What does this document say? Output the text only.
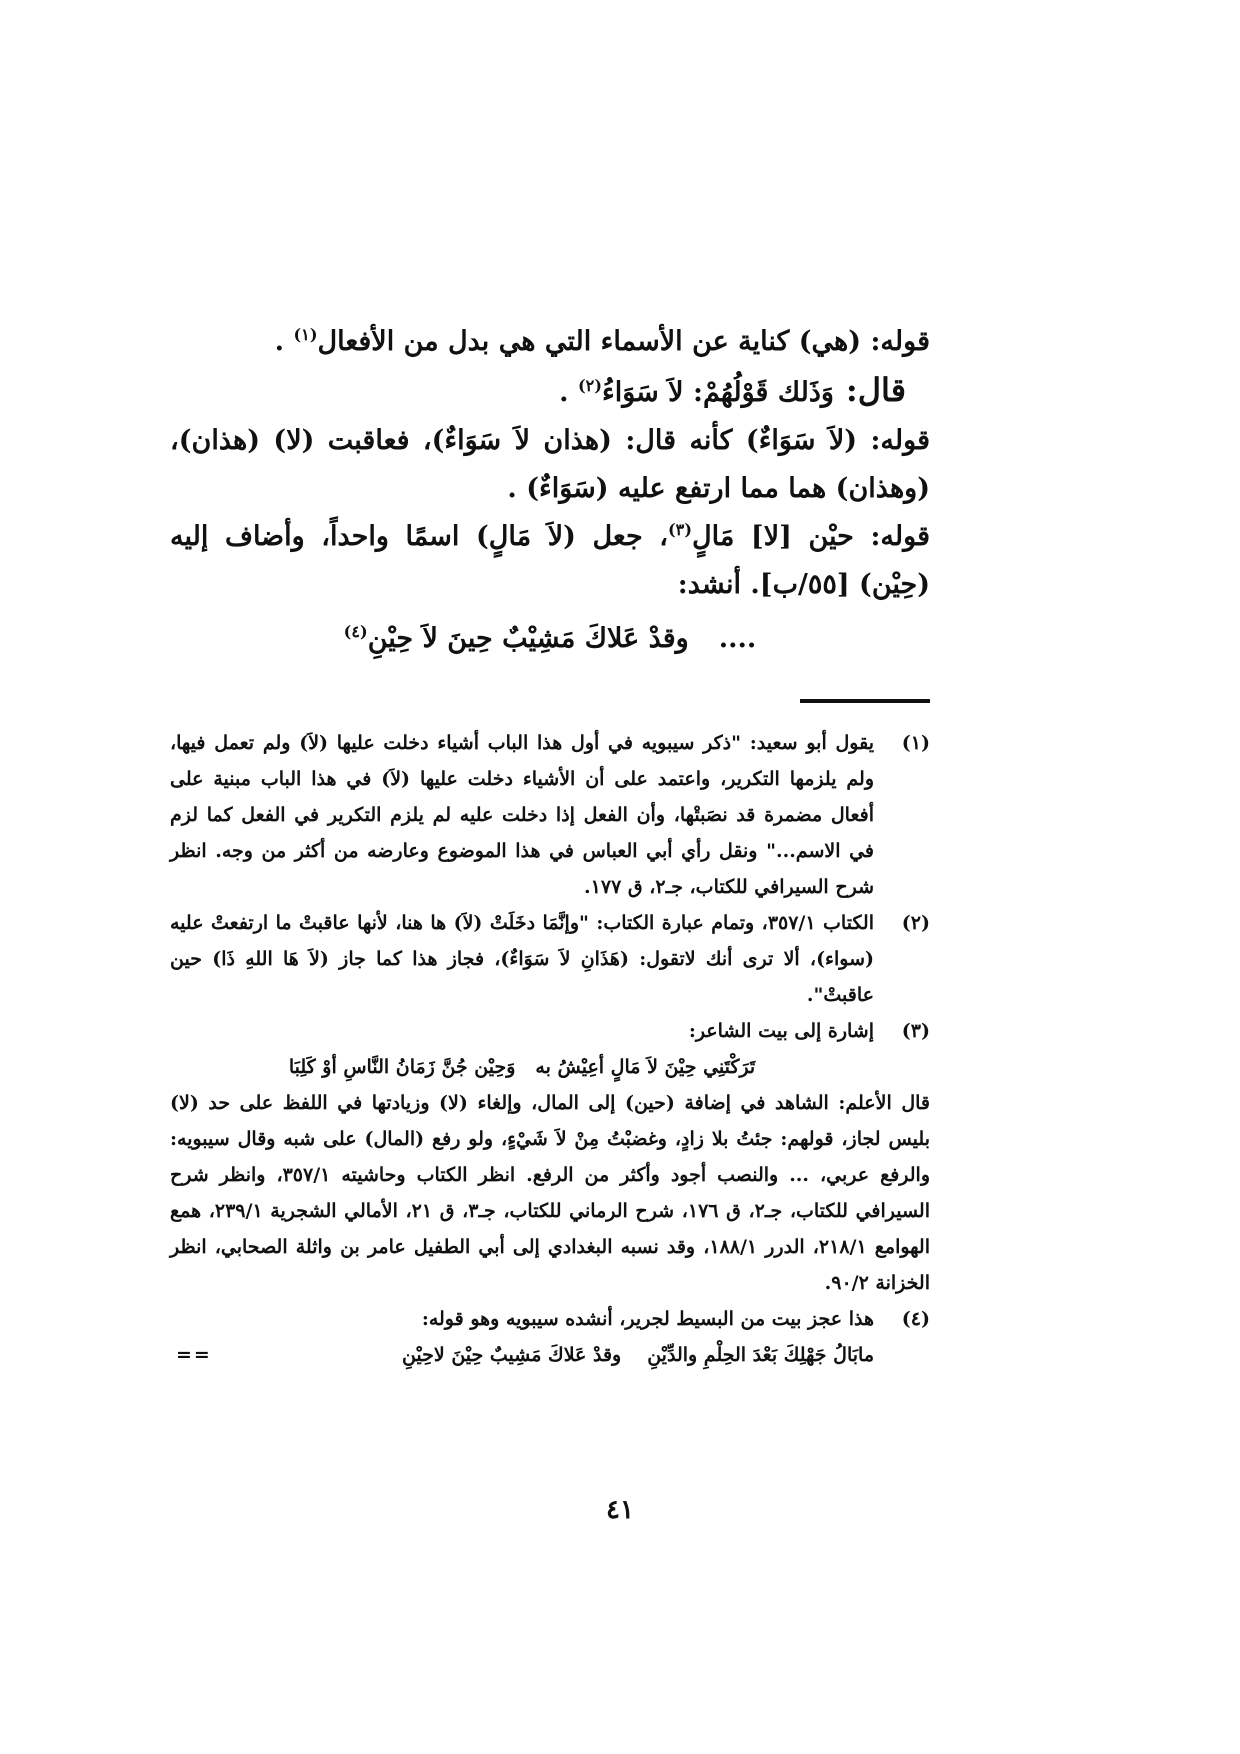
قوله: (هي) كناية عن الأسماء التي هي بدل من الأفعال$^{(١)}$ .

قال:وَذَلك قَوْلُهُمْ: لاَ سَوَاءُ$^{(٢)}$ .

قوله: (لاَ سَوَاءٌ) كأنه قال: (هذان لاَ سَوَاءٌ)، فعاقبت (لا) (هذان)، (وهذان) هما مما ارتفع عليه (سَوَاءٌ) .

قوله: حيْن [لا] مَالٍ$^{(٣)}$، جعل (لاَ مَالٍ) اسمًا واحداً، وأضاف إليه (حِيْن) [٥٥/ب]. أنشد:

....وقدْ عَلاكَ مَشِيْبٌ حِينَ لاَ حِيْنِ$^{(٤)}$

(١)

يقول أبو سعيد: "ذكر سيبويه في أول هذا الباب أشياء دخلت عليها (لاَ) ولم تعمل فيها، ولم يلزمها التكرير، واعتمد على أن الأشياء دخلت عليها (لاَ) في هذا الباب مبنية على أفعال مضمرة قد نصَبتْها، وأن الفعل إذا دخلت عليه لم يلزم التكرير في الفعل كما لزم في الاسم..." ونقل رأي أبي العباس في هذا الموضوع وعارضه من أكثر من وجه. انظر شرح السيرافي للكتاب، جـ٢، ق ١٧٧.

(٢)

الكتاب ٣٥٧/١، وتمام عبارة الكتاب: "وإنَّمَا دخَلَتْ (لاَ) ها هنا، لأنها عاقبتْ ما ارتفعتْ عليه (سواء)، ألا ترى أنك لاتقول: (هَذَانِ لاَ سَوَاءٌ)، فجاز هذا كما جاز (لاَ هَا اللهِ ذَا) حين عاقبتْ".

(٣)

إشارة إلى بيت الشاعر:

تَرَكْتَنِي حِيْنَ لاَ مَالٍ أعِيْشُ به
وَحِيْن جُنَّ زَمَانُ النَّاسِ أوْ كَلِبَا

قال الأعلم: الشاهد في إضافة (حين) إلى المال، وإلغاء (لا) وزيادتها في اللفظ على حد (لا) بليس لجاز، قولهم: جئتُ بلا زادٍ، وغضبْتُ مِنْ لاَ شَيْءٍ، ولو رفع (المال) على شبه وقال سيبويه: والرفع عربي، ... والنصب أجود وأكثر من الرفع. انظر الكتاب وحاشيته ٣٥٧/١، وانظر شرح السيرافي للكتاب، جـ٢، ق ١٧٦، شرح الرماني للكتاب، جـ٣، ق ٢١، الأمالي الشجرية ٢٣٩/١، همع الهوامع ٢١٨/١، الدرر ١٨٨/١، وقد نسبه البغدادي إلى أبي الطفيل عامر بن واثلة الصحابي، انظر الخزانة ٩٠/٢.

(٤)

هذا عجز بيت من البسيط لجرير، أنشده سيبويه وهو قوله:

مابَالُ جَهْلِكَ بَعْدَ الحِلْمِ والدِّيْنِ
وقدْ عَلاكَ مَشِيبٌ حِيْنَ لاحِيْنِ
==
٤١
